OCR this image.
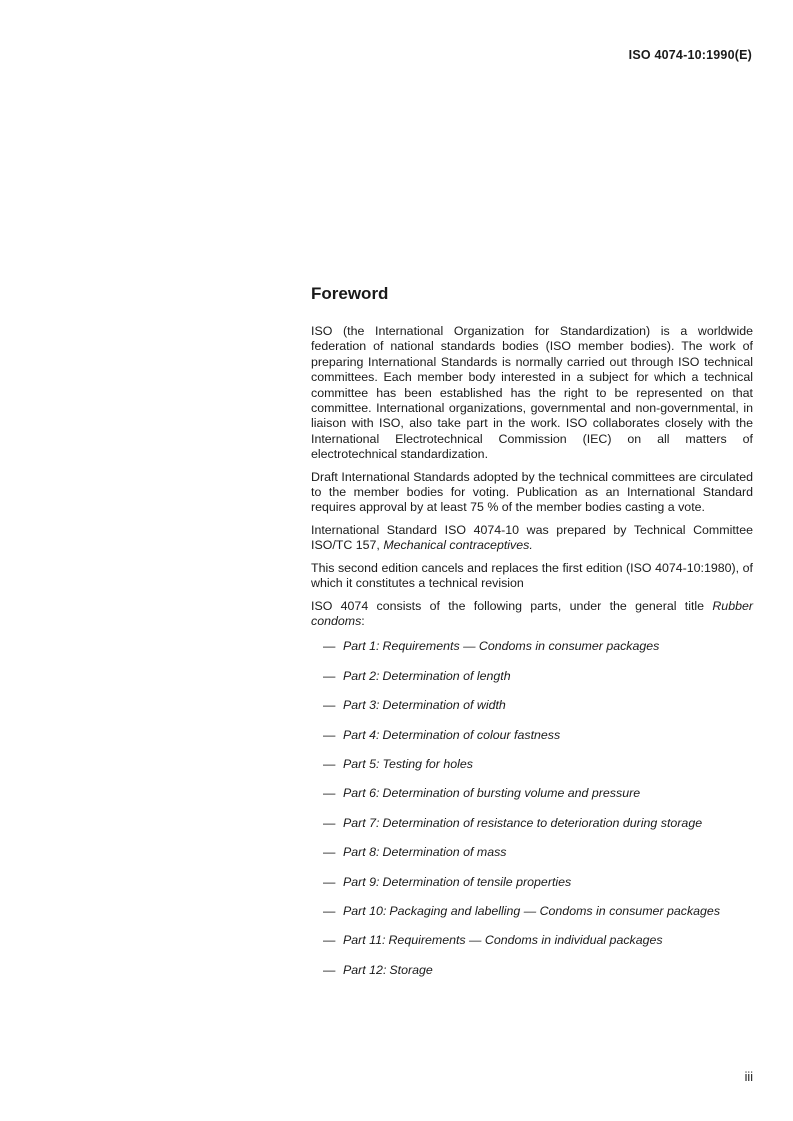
ISO 4074-10:1990(E)
Foreword

ISO (the International Organization for Standardization) is a worldwide federation of national standards bodies (ISO member bodies). The work of preparing International Standards is normally carried out through ISO technical committees. Each member body interested in a subject for which a technical committee has been established has the right to be represented on that committee. International organizations, governmental and non-governmental, in liaison with ISO, also take part in the work. ISO collaborates closely with the International Electrotechnical Commission (IEC) on all matters of electrotechnical standardization.

Draft International Standards adopted by the technical committees are circulated to the member bodies for voting. Publication as an International Standard requires approval by at least 75 % of the member bodies casting a vote.

International Standard ISO 4074-10 was prepared by Technical Committee ISO/TC 157, Mechanical contraceptives.

This second edition cancels and replaces the first edition (ISO 4074-10:1980), of which it constitutes a technical revision

ISO 4074 consists of the following parts, under the general title Rubber condoms:

— Part 1: Requirements — Condoms in consumer packages
— Part 2: Determination of length
— Part 3: Determination of width
— Part 4: Determination of colour fastness
— Part 5: Testing for holes
— Part 6: Determination of bursting volume and pressure
— Part 7: Determination of resistance to deterioration during storage
— Part 8: Determination of mass
— Part 9: Determination of tensile properties
— Part 10: Packaging and labelling — Condoms in consumer packages
— Part 11: Requirements — Condoms in individual packages
— Part 12: Storage
iii
